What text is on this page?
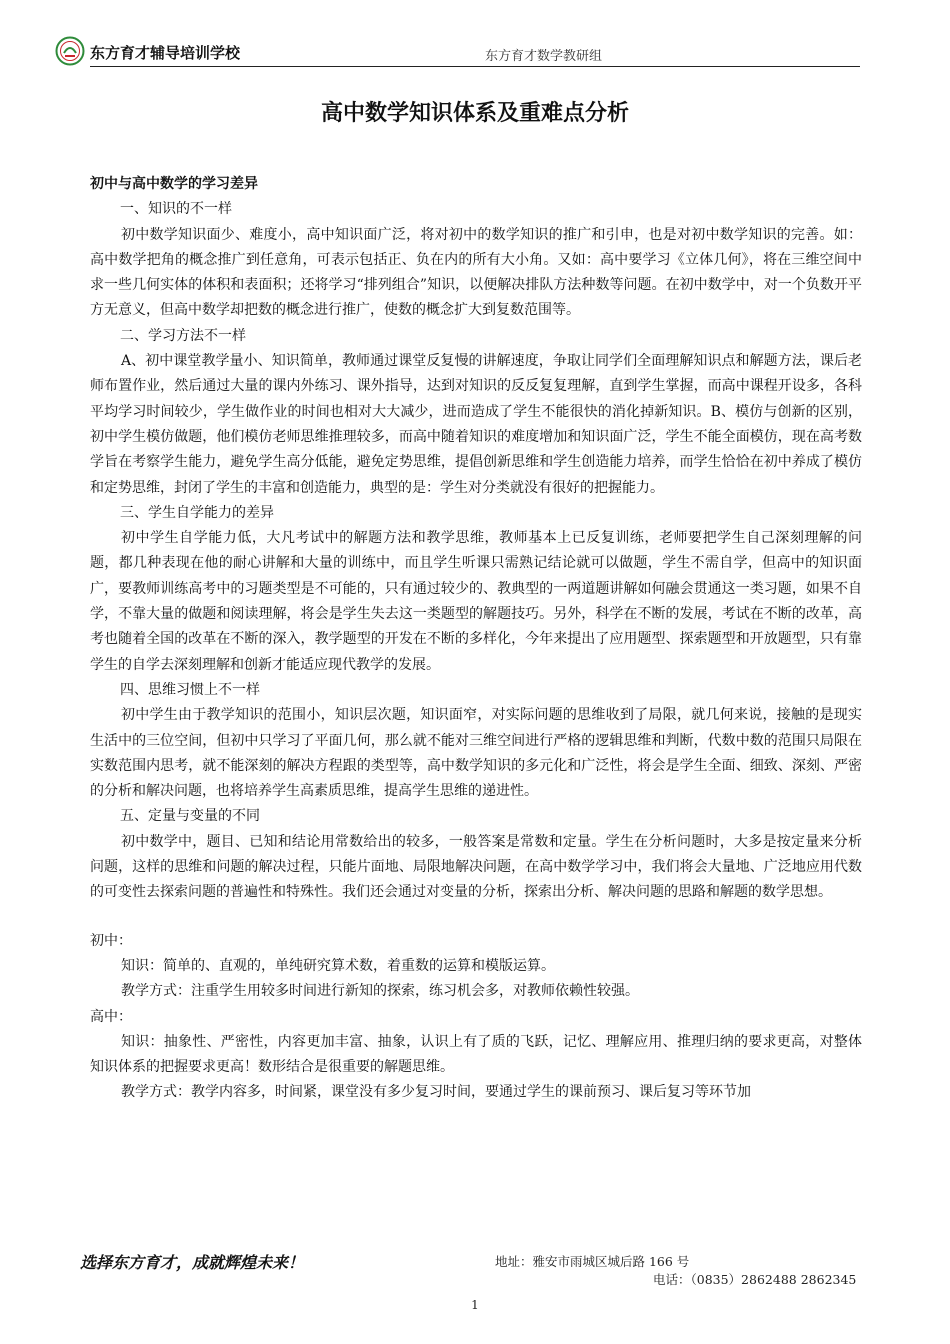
东方育才辅导培训学校	东方育才数学教研组
高中数学知识体系及重难点分析

初中与高中数学的学习差异

一、知识的不一样

初中数学知识面少、难度小，高中知识面广泛，将对初中的数学知识的推广和引申，也是对初中数学知识的完善。如：高中数学把角的概念推广到任意角，可表示包括正、负在内的所有大小角。又如：高中要学习《立体几何》，将在三维空间中求一些几何实体的体积和表面积；还将学习“排列组合”知识，以便解决排队方法种数等问题。在初中数学中，对一个负数开平方无意义，但高中数学却把数的概念进行推广，使数的概念扩大到复数范围等。

二、学习方法不一样

A、初中课堂教学量小、知识简单，教师通过课堂反复慢的讲解速度，争取让同学们全面理解知识点和解题方法，课后老师布置作业，然后通过大量的课内外练习、课外指导，达到对知识的反反复复理解，直到学生掌握，而高中课程开设多，各科平均学习时间较少，学生做作业的时间也相对大大减少，进而造成了学生不能很快的消化掉新知识。B、模仿与创新的区别，初中学生模仿做题，他们模仿老师思维推理较多，而高中随着知识的难度增加和知识面广泛，学生不能全面模仿，现在高考数学旨在考察学生能力，避免学生高分低能，避免定势思维，提倡创新思维和学生创造能力培养，而学生恰恰在初中养成了模仿和定势思维，封闭了学生的丰富和创造能力，典型的是：学生对分类就没有很好的把握能力。

三、学生自学能力的差异

初中学生自学能力低，大凡考试中的解题方法和教学思维，教师基本上已反复训练，老师要把学生自己深刻理解的问题，都几种表现在他的耐心讲解和大量的训练中，而且学生听课只需熟记结论就可以做题，学生不需自学，但高中的知识面广，要教师训练高考中的习题类型是不可能的，只有通过较少的、教典型的一两道题讲解如何融会贯通这一类习题，如果不自学，不靠大量的做题和阅读理解，将会是学生失去这一类题型的解题技巧。另外，科学在不断的发展，考试在不断的改革，高考也随着全国的改革在不断的深入，教学题型的开发在不断的多样化，今年来提出了应用题型、探索题型和开放题型，只有靠学生的自学去深刻理解和创新才能适应现代教学的发展。

四、思维习惯上不一样

初中学生由于教学知识的范围小，知识层次题，知识面窄，对实际问题的思维收到了局限，就几何来说，接触的是现实生活中的三位空间，但初中只学习了平面几何，那么就不能对三维空间进行严格的逻辑思维和判断，代数中数的范围只局限在实数范围内思考，就不能深刻的解决方程跟的类型等，高中数学知识的多元化和广泛性，将会是学生全面、细致、深刻、严密的分析和解决问题，也将培养学生高素质思维，提高学生思维的递进性。

五、定量与变量的不同

初中数学中，题目、已知和结论用常数给出的较多，一般答案是常数和定量。学生在分析问题时，大多是按定量来分析问题，这样的思维和问题的解决过程，只能片面地、局限地解决问题，在高中数学学习中，我们将会大量地、广泛地应用代数的可变性去探索问题的普遍性和特殊性。我们还会通过对变量的分析，探索出分析、解决问题的思路和解题的数学思想。

初中：

知识：简单的、直观的，单纯研究算术数，着重数的运算和模版运算。

教学方式：注重学生用较多时间进行新知的探索，练习机会多，对教师依赖性较强。

高中：

知识：抽象性、严密性，内容更加丰富、抽象，认识上有了质的飞跃，记忆、理解应用、推理归纳的要求更高，对整体知识体系的把握要求更高！数形结合是很重要的解题思维。

教学方式：教学内容多，时间紧，课堂没有多少复习时间，要通过学生的课前预习、课后复习等环节加

选择东方育才，成就辉煌未来！	地址：雅安市雨城区城后路 166 号
电话：（0835）2862488 2862345
1
